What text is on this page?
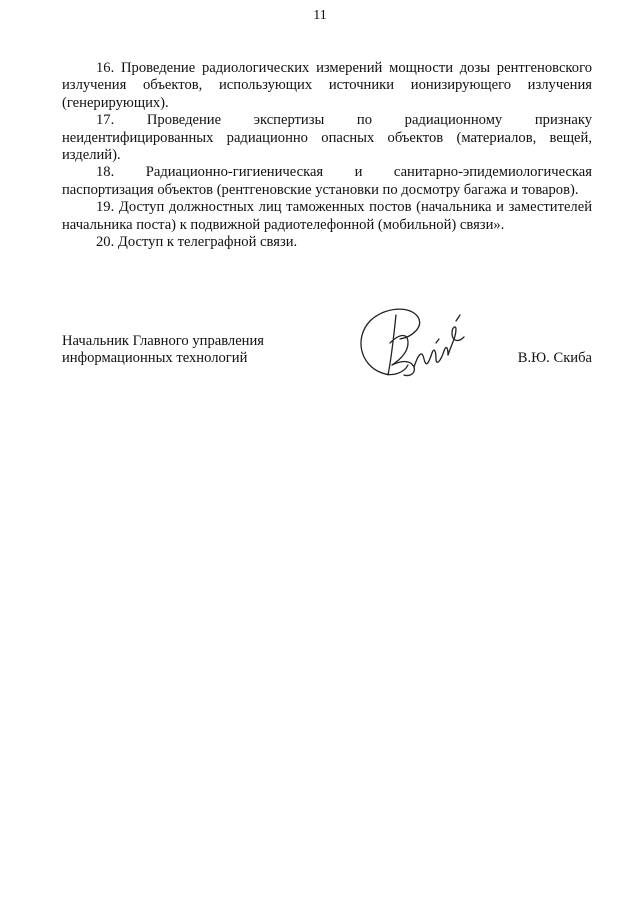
11

16. Проведение радиологических измерений мощности дозы рентгеновского излучения объектов, использующих источники ионизирующего излучения (генерирующих).

17. Проведение экспертизы по радиационному признаку неидентифицированных радиационно опасных объектов (материалов, вещей, изделий).

18. Радиационно-гигиеническая и санитарно-эпидемиологическая паспортизация объектов (рентгеновские установки по досмотру багажа и товаров).

19. Доступ должностных лиц таможенных постов (начальника и заместителей начальника поста) к подвижной радиотелефонной (мобильной) связи».

20. Доступ к телеграфной связи.

Начальник Главного управления
информационных технологий	В.Ю. Скиба
